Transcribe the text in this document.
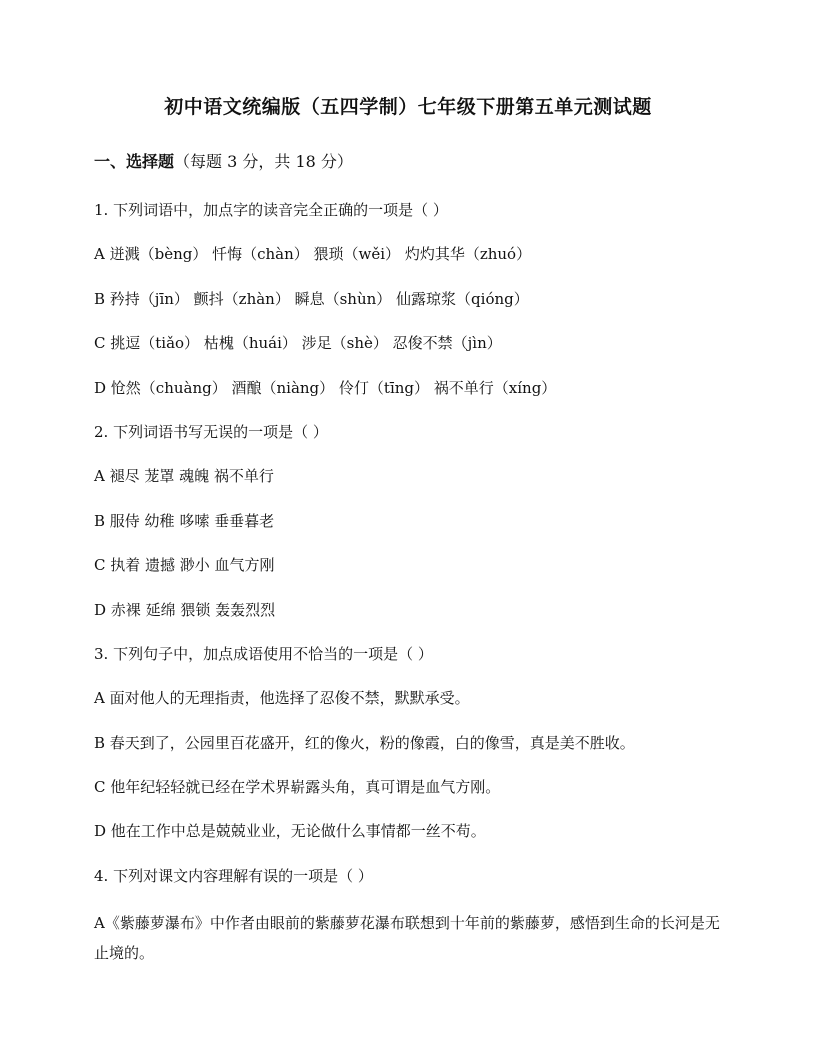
初中语文统编版（五四学制）七年级下册第五单元测试题
一、选择题（每题 3 分，共 18 分）
1. 下列词语中，加点字的读音完全正确的一项是（ ）
A 迸溅（bèng） 忏悔（chàn） 猥琐（wěi） 灼灼其华（zhuó）
B 矜持（jīn） 颤抖（zhàn） 瞬息（shùn） 仙露琼浆（qióng）
C 挑逗（tiǎo） 枯槐（huái） 涉足（shè） 忍俊不禁（jìn）
D 怆然（chuàng） 酒酿（niàng） 伶仃（tīng） 祸不单行（xíng）
2. 下列词语书写无误的一项是（ ）
A 褪尽 茏罩 魂魄 祸不单行
B 服侍 幼稚 哆嗦 垂垂暮老
C 执着 遗撼 渺小 血气方刚
D 赤裸 延绵 猥锁 轰轰烈烈
3. 下列句子中，加点成语使用不恰当的一项是（ ）
A 面对他人的无理指责，他选择了忍俊不禁，默默承受。
B 春天到了，公园里百花盛开，红的像火，粉的像霞，白的像雪，真是美不胜收。
C 他年纪轻轻就已经在学术界崭露头角，真可谓是血气方刚。
D 他在工作中总是兢兢业业，无论做什么事情都一丝不苟。
4. 下列对课文内容理解有误的一项是（ ）
A《紫藤萝瀑布》中作者由眼前的紫藤萝花瀑布联想到十年前的紫藤萝，感悟到生命的长河是无止境的。
